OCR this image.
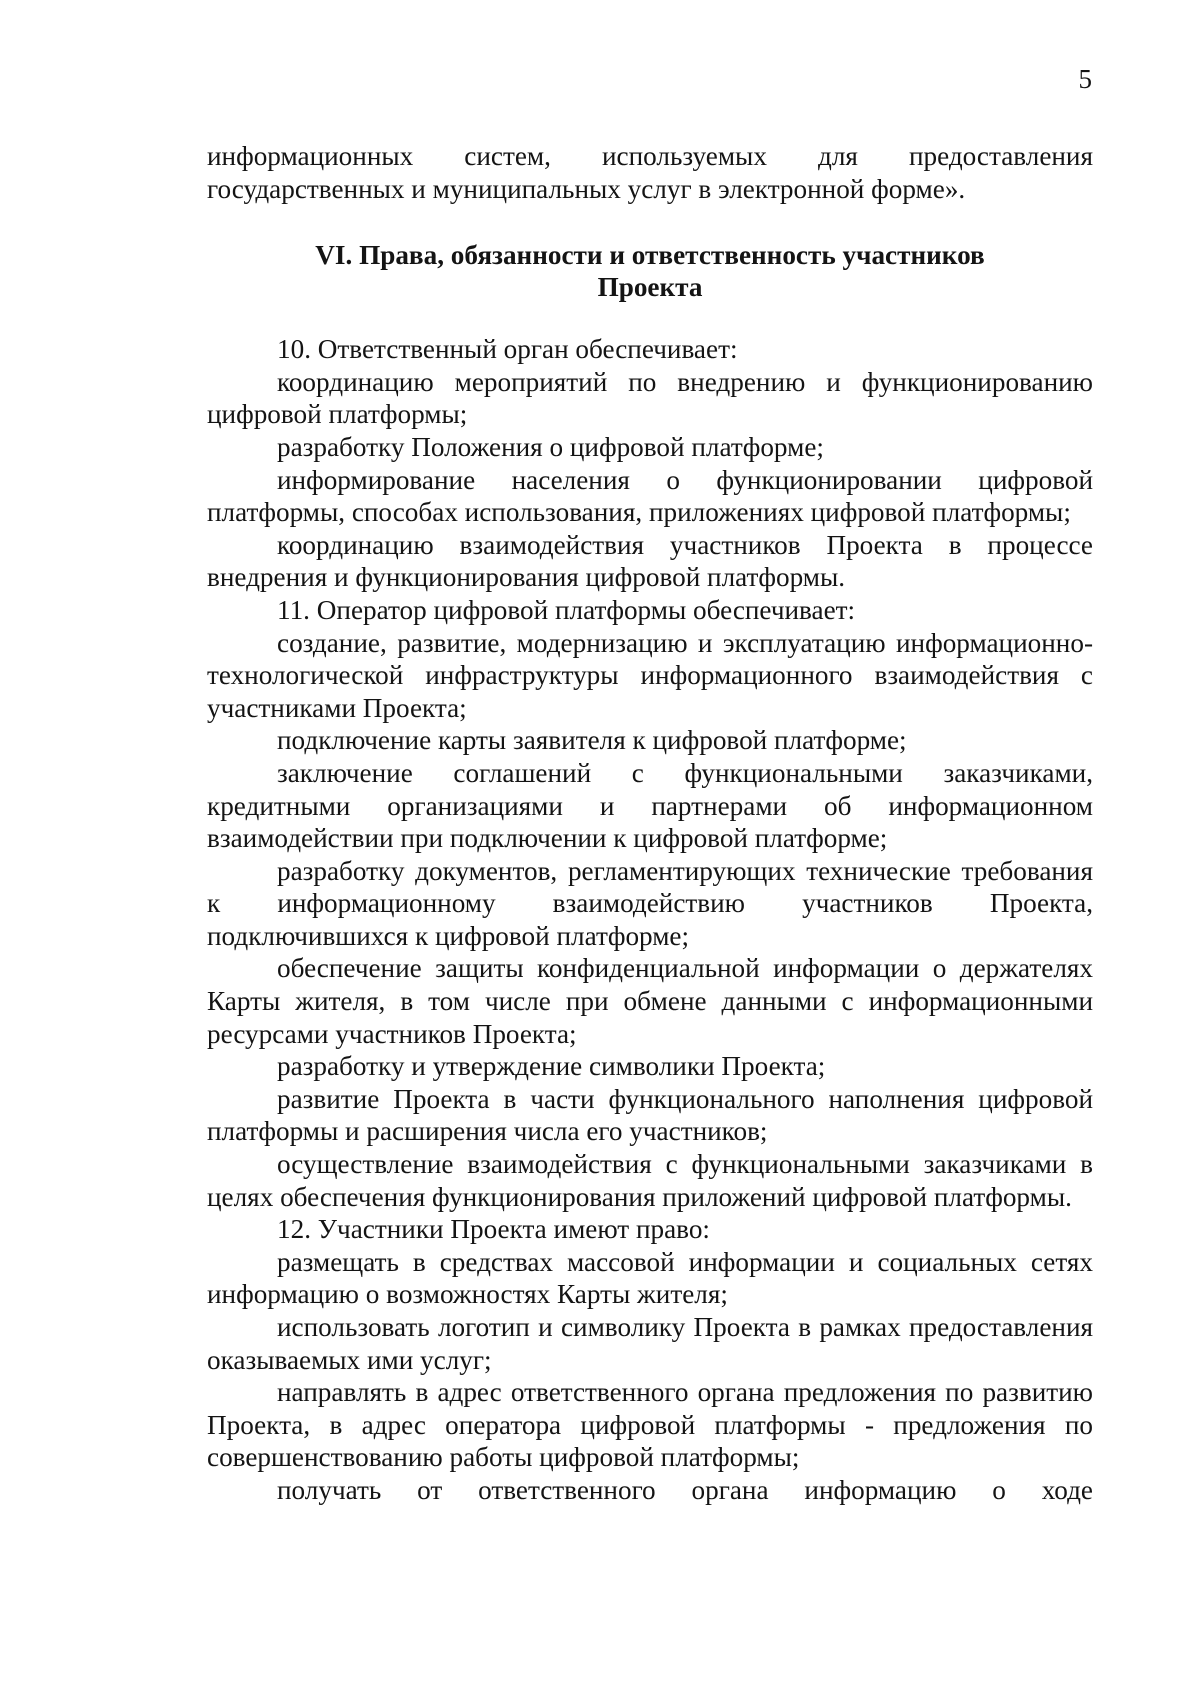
5

информационных систем, используемых для предоставления государственных и муниципальных услуг в электронной форме».

VI. Права, обязанности и ответственность участников
Проекта

10. Ответственный орган обеспечивает:

координацию мероприятий по внедрению и функционированию цифровой платформы;

разработку Положения о цифровой платформе;

информирование населения о функционировании цифровой платформы, способах использования, приложениях цифровой платформы;

координацию взаимодействия участников Проекта в процессе внедрения и функционирования цифровой платформы.

11. Оператор цифровой платформы обеспечивает:

создание, развитие, модернизацию и эксплуатацию информационно-технологической инфраструктуры информационного взаимодействия с участниками Проекта;

подключение карты заявителя к цифровой платформе;

заключение соглашений с функциональными заказчиками, кредитными организациями и партнерами об информационном взаимодействии при подключении к цифровой платформе;

разработку документов, регламентирующих технические требования к информационному взаимодействию участников Проекта, подключившихся к цифровой платформе;

обеспечение защиты конфиденциальной информации о держателях Карты жителя, в том числе при обмене данными с информационными ресурсами участников Проекта;

разработку и утверждение символики Проекта;

развитие Проекта в части функционального наполнения цифровой платформы и расширения числа его участников;

осуществление взаимодействия с функциональными заказчиками в целях обеспечения функционирования приложений цифровой платформы.

12. Участники Проекта имеют право:

размещать в средствах массовой информации и социальных сетях информацию о возможностях Карты жителя;

использовать логотип и символику Проекта в рамках предоставления оказываемых ими услуг;

направлять в адрес ответственного органа предложения по развитию Проекта, в адрес оператора цифровой платформы - предложения по совершенствованию работы цифровой платформы;

получать от ответственного органа информацию о ходе
